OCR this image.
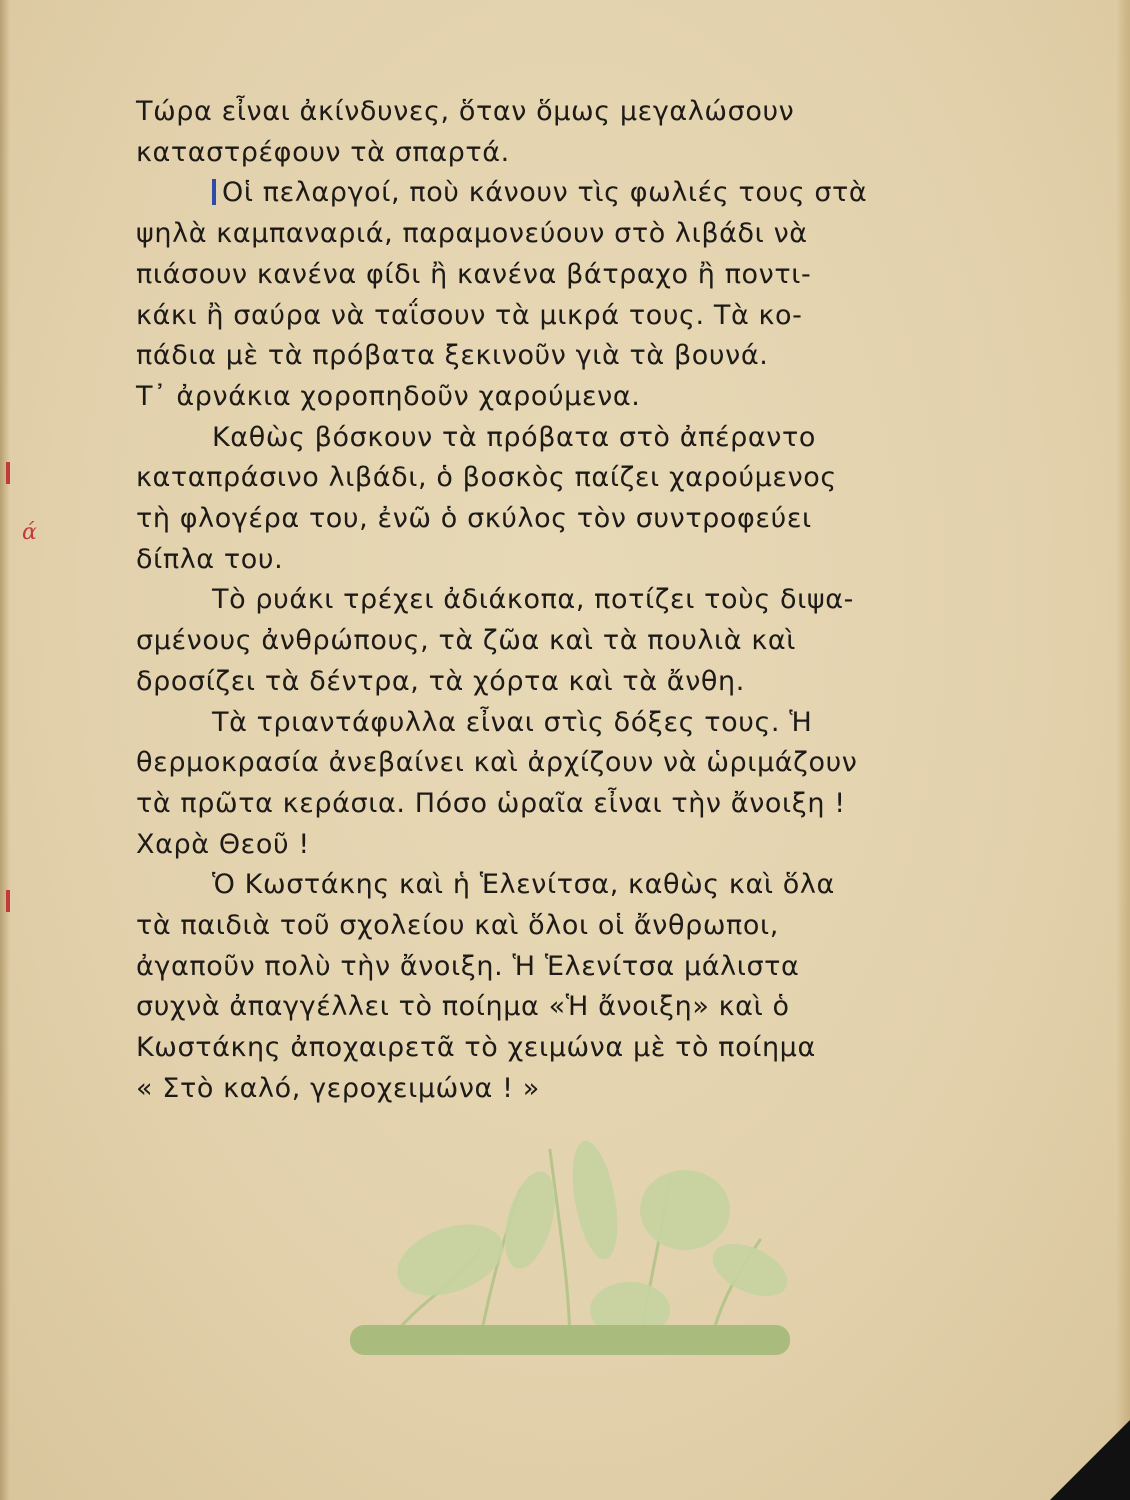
Τώρα εἶναι ἀκίνδυνες, ὅταν ὅμως μεγαλώσουν
καταστρέφουν τὰ σπαρτά.
Οἱ πελαργοί, ποὺ κάνουν τὶς φωλιές τους στὰ
ψηλὰ καμπαναριά, παραμονεύουν στὸ λιβάδι νὰ
πιάσουν κανένα φίδι ἢ κανένα βάτραχο ἢ ποντι-
κάκι ἢ σαύρα νὰ ταΐσουν τὰ μικρά τους. Τὰ κο-
πάδια μὲ τὰ πρόβατα ξεκινοῦν γιὰ τὰ βουνά.
Τ᾿ ἀρνάκια χοροπηδοῦν χαρούμενα.
Καθὼς βόσκουν τὰ πρόβατα στὸ ἀπέραντο
καταπράσινο λιβάδι, ὁ βοσκὸς παίζει χαρούμενος
τὴ φλογέρα του, ἐνῶ ὁ σκύλος τὸν συντροφεύει
δίπλα του.
Τὸ ρυάκι τρέχει ἀδιάκοπα, ποτίζει τοὺς διψα-
σμένους ἀνθρώπους, τὰ ζῶα καὶ τὰ πουλιὰ καὶ
δροσίζει τὰ δέντρα, τὰ χόρτα καὶ τὰ ἄνθη.
Τὰ τριαντάφυλλα εἶναι στὶς δόξες τους. Ἡ
θερμοκρασία ἀνεβαίνει καὶ ἀρχίζουν νὰ ὡριμάζουν
τὰ πρῶτα κεράσια. Πόσο ὡραῖα εἶναι τὴν ἄνοιξη !
Χαρὰ Θεοῦ !
Ὁ Κωστάκης καὶ ἡ Ἑλενίτσα, καθὼς καὶ ὅλα
τὰ παιδιὰ τοῦ σχολείου καὶ ὅλοι οἱ ἄνθρωποι,
ἀγαποῦν πολὺ τὴν ἄνοιξη. Ἡ Ἑλενίτσα μάλιστα
συχνὰ ἀπαγγέλλει τὸ ποίημα «Ἡ ἄνοιξη» καὶ ὁ
Κωστάκης ἀποχαιρετᾶ τὸ χειμώνα μὲ τὸ ποίημα
« Στὸ καλό, γεροχειμώνα ! »
ά
